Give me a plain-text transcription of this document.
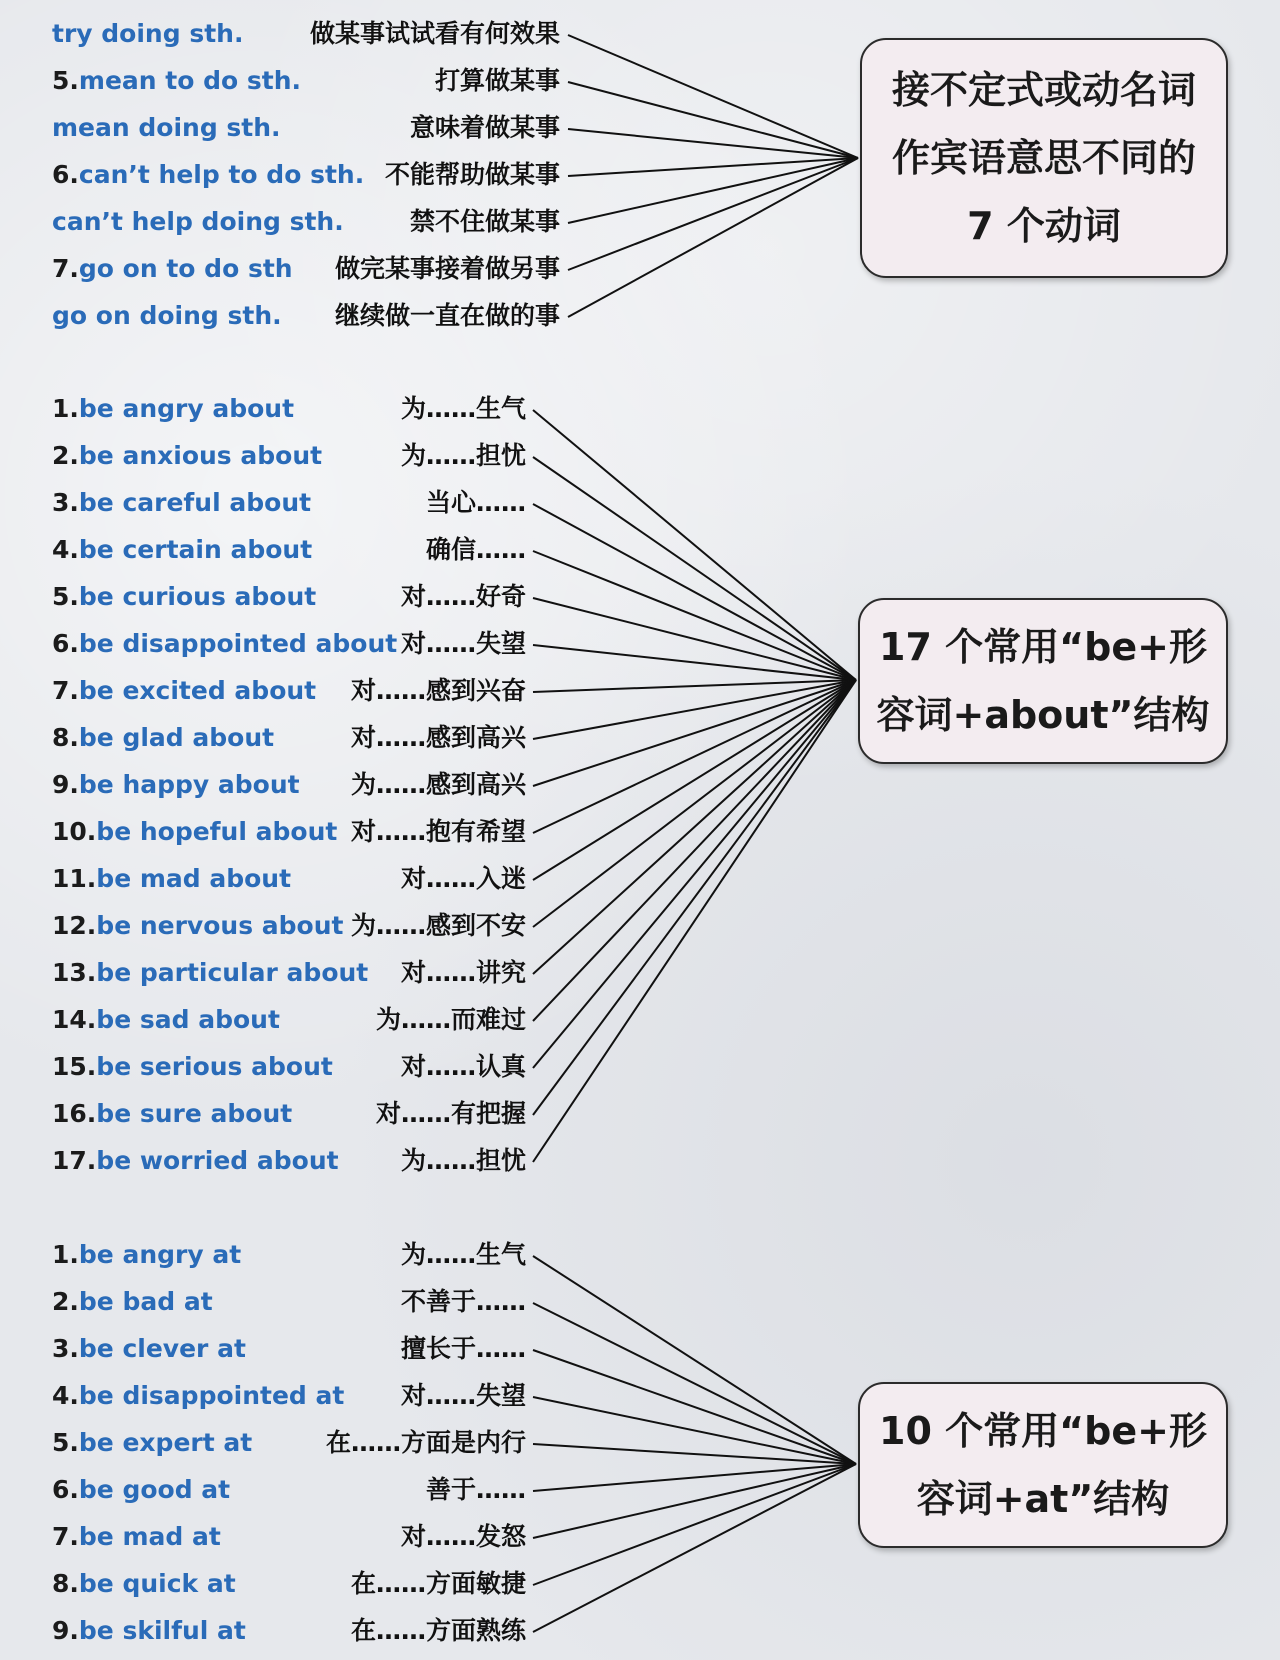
try doing sth.	做某事试试看有何效果
5.mean to do sth.	打算做某事
mean doing sth.	意味着做某事
6.can’t help to do sth. 不能帮助做某事
can’t help doing sth.	禁不住做某事
7.go on to do sth 做完某事接着做另事
go on doing sth. 继续做一直在做的事
1.be angry about	为……生气
2.be anxious about	为……担忧
3.be careful about	当心……
4.be certain about	确信……
5.be curious about	对……好奇
6.be disappointed about 对……失望
7.be excited about 对……感到兴奋
8.be glad about	对……感到高兴
9.be happy about 为……感到高兴
10.be hopeful about 对……抱有希望
11.be mad about	对……入迷
12.be nervous about 为……感到不安
13.be particular about 对……讲究
14.be sad about	为……而难过
15.be serious about	对……认真
16.be sure about	对……有把握
17.be worried about 为……担忧
1.be angry at	为……生气
2.be bad at	不善于……
3.be clever at	擅长于……
4.be disappointed at 对……失望
5.be expert at	在……方面是内行
6.be good at	善于……
7.be mad at	对……发怒
8.be quick at	在……方面敏捷
9.be skilful at	在……方面熟练
接不定式或动名词
作宾语意思不同的
7 个动词
17 个常用“be+形
容词+about”结构
10 个常用“be+形
容词+at”结构
